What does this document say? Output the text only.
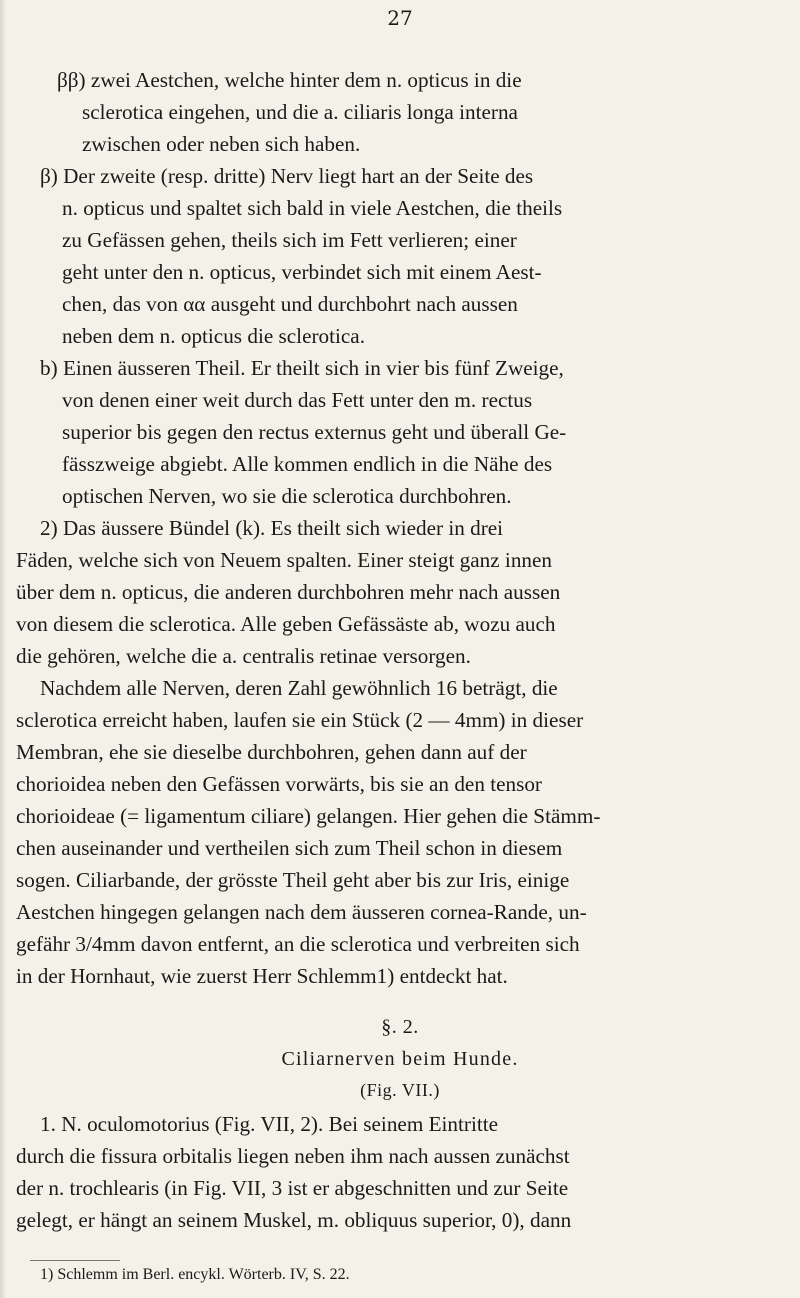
27
ββ) zwei Aestchen, welche hinter dem n. opticus in die
sclerotica eingehen, und die a. ciliaris longa interna
zwischen oder neben sich haben.
β) Der zweite (resp. dritte) Nerv liegt hart an der Seite des
n. opticus und spaltet sich bald in viele Aestchen, die theils
zu Gefässen gehen, theils sich im Fett verlieren; einer
geht unter den n. opticus, verbindet sich mit einem Aest-
chen, das von αα ausgeht und durchbohrt nach aussen
neben dem n. opticus die sclerotica.
b) Einen äusseren Theil. Er theilt sich in vier bis fünf Zweige,
von denen einer weit durch das Fett unter den m. rectus
superior bis gegen den rectus externus geht und überall Ge-
fässzweige abgiebt. Alle kommen endlich in die Nähe des
optischen Nerven, wo sie die sclerotica durchbohren.
2) Das äussere Bündel (k). Es theilt sich wieder in drei
Fäden, welche sich von Neuem spalten. Einer steigt ganz innen
über dem n. opticus, die anderen durchbohren mehr nach aussen
von diesem die sclerotica. Alle geben Gefässäste ab, wozu auch
die gehören, welche die a. centralis retinae versorgen.
Nachdem alle Nerven, deren Zahl gewöhnlich 16 beträgt, die
sclerotica erreicht haben, laufen sie ein Stück (2 — 4mm) in dieser
Membran, ehe sie dieselbe durchbohren, gehen dann auf der
chorioidea neben den Gefässen vorwärts, bis sie an den tensor
chorioideae (= ligamentum ciliare) gelangen. Hier gehen die Stämm-
chen auseinander und vertheilen sich zum Theil schon in diesem
sogen. Ciliarbande, der grösste Theil geht aber bis zur Iris, einige
Aestchen hingegen gelangen nach dem äusseren cornea-Rande, un-
gefähr 3/4mm davon entfernt, an die sclerotica und verbreiten sich
in der Hornhaut, wie zuerst Herr Schlemm1) entdeckt hat.
§. 2.
Ciliarnerven beim Hunde.
(Fig. VII.)
1. N. oculomotorius (Fig. VII, 2). Bei seinem Eintritte
durch die fissura orbitalis liegen neben ihm nach aussen zunächst
der n. trochlearis (in Fig. VII, 3 ist er abgeschnitten und zur Seite
gelegt, er hängt an seinem Muskel, m. obliquus superior, 0), dann
1) Schlemm im Berl. encykl. Wörterb. IV, S. 22.
